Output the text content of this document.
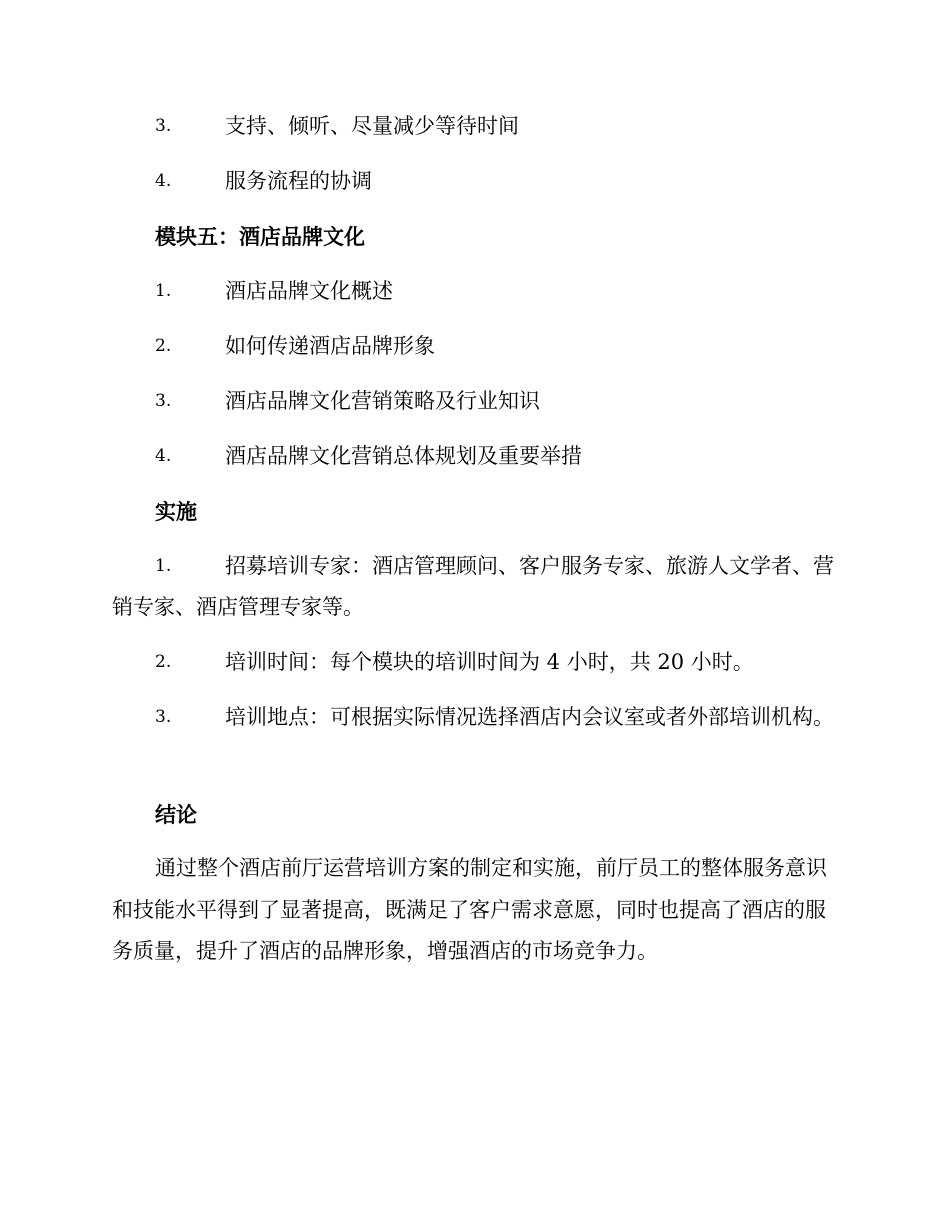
3.	支持、倾听、尽量减少等待时间
4.	服务流程的协调
模块五：酒店品牌文化
1.	酒店品牌文化概述
2.	如何传递酒店品牌形象
3.	酒店品牌文化营销策略及行业知识
4.	酒店品牌文化营销总体规划及重要举措
实施
1.	招募培训专家：酒店管理顾问、客户服务专家、旅游人文学者、营销专家、酒店管理专家等。
2.	培训时间：每个模块的培训时间为 4 小时，共 20 小时。
3.	培训地点：可根据实际情况选择酒店内会议室或者外部培训机构。
结论
通过整个酒店前厅运营培训方案的制定和实施，前厅员工的整体服务意识和技能水平得到了显著提高，既满足了客户需求意愿，同时也提高了酒店的服务质量，提升了酒店的品牌形象，增强酒店的市场竞争力。
